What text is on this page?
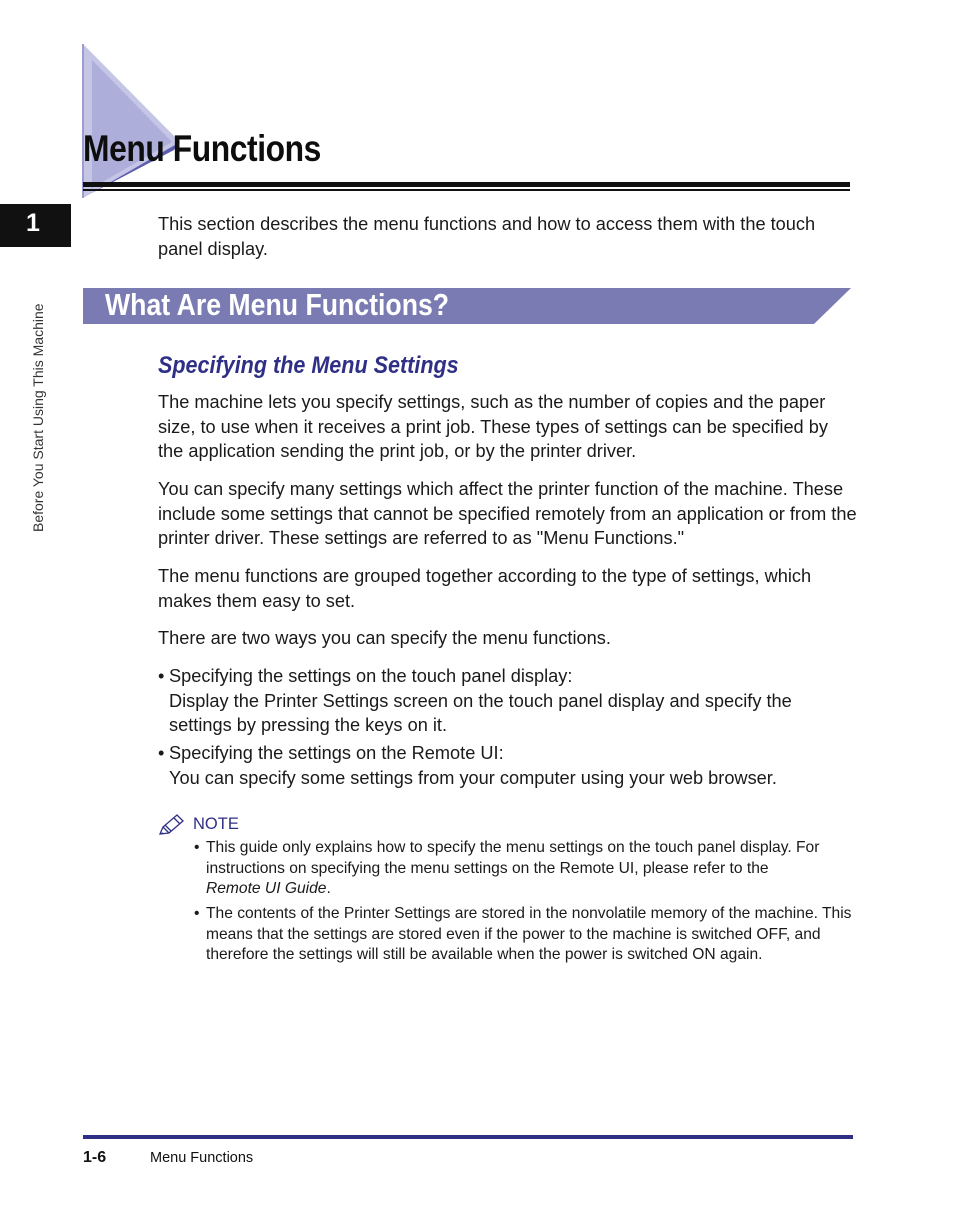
Menu Functions
1
Before You Start Using This Machine

This section describes the menu functions and how to access them with the touch panel display.

What Are Menu Functions?
Specifying the Menu Settings

The machine lets you specify settings, such as the number of copies and the paper size, to use when it receives a print job. These types of settings can be specified by the application sending the print job, or by the printer driver.

You can specify many settings which affect the printer function of the machine. These include some settings that cannot be specified remotely from an application or from the printer driver. These settings are referred to as "Menu Functions."

The menu functions are grouped together according to the type of settings, which makes them easy to set.

There are two ways you can specify the menu functions.

• Specifying the settings on the touch panel display:
Display the Printer Settings screen on the touch panel display and specify the settings by pressing the keys on it.
• Specifying the settings on the Remote UI:
You can specify some settings from your computer using your web browser.
NOTE
• This guide only explains how to specify the menu settings on the touch panel display. For instructions on specifying the menu settings on the Remote UI, please refer to the
Remote UI Guide.
• The contents of the Printer Settings are stored in the nonvolatile memory of the machine. This means that the settings are stored even if the power to the machine is switched OFF, and therefore the settings will still be available when the power is switched ON again.
1-6	Menu Functions
